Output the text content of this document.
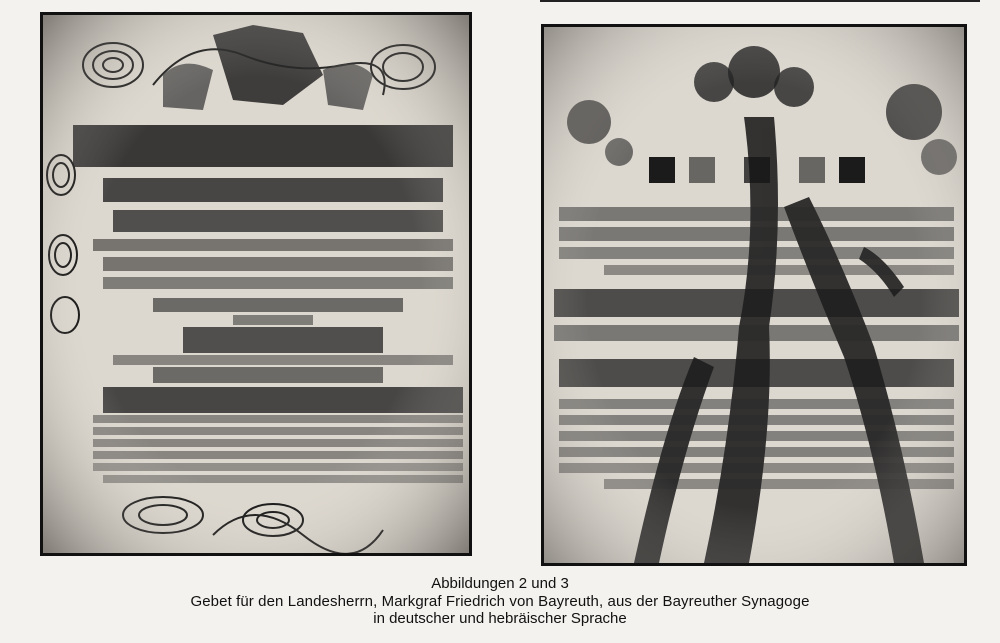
Abbildungen 2 und 3
Gebet für den Landesherrn, Markgraf Friedrich von Bayreuth, aus der Bayreuther Synagoge
in deutscher und hebräischer Sprache
